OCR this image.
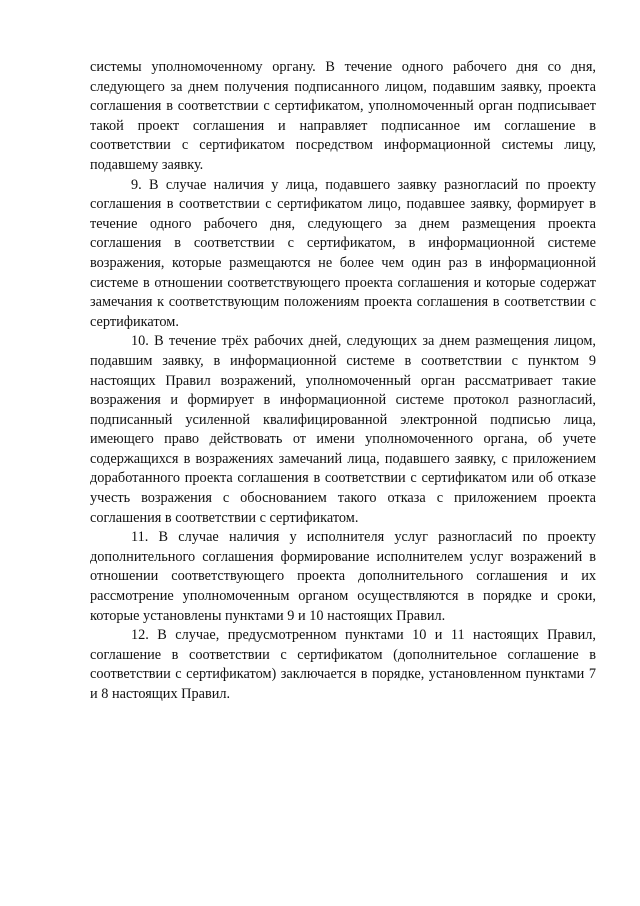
системы уполномоченному органу. В течение одного рабочего дня со дня, следующего за днем получения подписанного лицом, подавшим заявку, проекта соглашения в соответствии с сертификатом, уполномоченный орган подписывает такой проект соглашения и направляет подписанное им соглашение в соответствии с сертификатом посредством информационной системы лицу, подавшему заявку.

9. В случае наличия у лица, подавшего заявку разногласий по проекту соглашения в соответствии с сертификатом лицо, подавшее заявку, формирует в течение одного рабочего дня, следующего за днем размещения проекта соглашения в соответствии с сертификатом, в информационной системе возражения, которые размещаются не более чем один раз в информационной системе в отношении соответствующего проекта соглашения и которые содержат замечания к соответствующим положениям проекта соглашения в соответствии с сертификатом.

10. В течение трёх рабочих дней, следующих за днем размещения лицом, подавшим заявку, в информационной системе в соответствии с пунктом 9 настоящих Правил возражений, уполномоченный орган рассматривает такие возражения и формирует в информационной системе протокол разногласий, подписанный усиленной квалифицированной электронной подписью лица, имеющего право действовать от имени уполномоченного органа, об учете содержащихся в возражениях замечаний лица, подавшего заявку, с приложением доработанного проекта соглашения в соответствии с сертификатом или об отказе учесть возражения с обоснованием такого отказа с приложением проекта соглашения в соответствии с сертификатом.

11. В случае наличия у исполнителя услуг разногласий по проекту дополнительного соглашения формирование исполнителем услуг возражений в отношении соответствующего проекта дополнительного соглашения и их рассмотрение уполномоченным органом осуществляются в порядке и сроки, которые установлены пунктами 9 и 10 настоящих Правил.

12. В случае, предусмотренном пунктами 10 и 11 настоящих Правил, соглашение в соответствии с сертификатом (дополнительное соглашение в соответствии с сертификатом) заключается в порядке, установленном пунктами 7 и 8 настоящих Правил.
